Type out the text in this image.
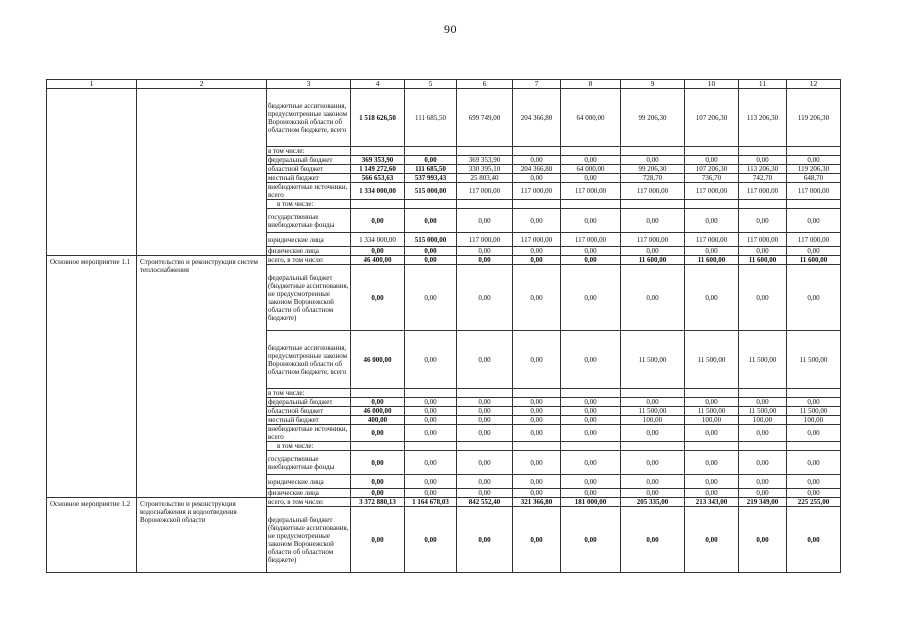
90
1	2	3	4	5	6	7	8	9	10	11	12
		бюджетные ассигнования, предусмотренные законом Воронежской области об областном бюджете, всего	1 518 626,50	111 685,50	699 749,00	204 366,80	64 000,00	99 206,30	107 206,30	113 206,30	119 206,30
		в том числе:									
		федеральный бюджет	369 353,90	0,00	369 353,90	0,00	0,00	0,00	0,00	0,00	0,00
		областной бюджет	1 149 272,60	111 685,50	330 395,10	204 366,80	64 000,00	99 206,30	107 206,30	113 206,30	119 206,30
		местный бюджет	566 653,63	537 993,43	25 803,40	0,00	0,00	728,70	736,70	742,70	648,70
		внебюджетные источники, всего	1 334 000,00	515 000,00	117 000,00	117 000,00	117 000,00	117 000,00	117 000,00	117 000,00	117 000,00
		в том числе:									
		государственные внебюджетные фонды	0,00	0,00	0,00	0,00	0,00	0,00	0,00	0,00	0,00
		юридические лица	1 334 000,00	515 000,00	117 000,00	117 000,00	117 000,00	117 000,00	117 000,00	117 000,00	117 000,00
		физические лица	0,00	0,00	0,00	0,00	0,00	0,00	0,00	0,00	0,00
Основное мероприятие 1.1	Строительство и реконструкция систем теплоснабжения	всего, в том числе:	46 400,00	0,00	0,00	0,00	0,00	11 600,00	11 600,00	11 600,00	11 600,00
		федеральный бюджет (бюджетные ассигнования, не предусмотренные законом Воронежской области об областном бюджете)	0,00	0,00	0,00	0,00	0,00	0,00	0,00	0,00	0,00
		бюджетные ассигнования, предусмотренные законом Воронежской области об областном бюджете, всего	46 000,00	0,00	0,00	0,00	0,00	11 500,00	11 500,00	11 500,00	11 500,00
		в том числе:									
		федеральный бюджет	0,00	0,00	0,00	0,00	0,00	0,00	0,00	0,00	0,00
		областной бюджет	46 000,00	0,00	0,00	0,00	0,00	11 500,00	11 500,00	11 500,00	11 500,00
		местный бюджет	400,00	0,00	0,00	0,00	0,00	100,00	100,00	100,00	100,00
		внебюджетные источники, всего	0,00	0,00	0,00	0,00	0,00	0,00	0,00	0,00	0,00
		в том числе:									
		государственные внебюджетные фонды	0,00	0,00	0,00	0,00	0,00	0,00	0,00	0,00	0,00
		юридические лица	0,00	0,00	0,00	0,00	0,00	0,00	0,00	0,00	0,00
		физические лица	0,00	0,00	0,00	0,00	0,00	0,00	0,00	0,00	0,00
Основное мероприятие 1.2	Строительство и реконструкция водоснабжения и водоотведения Воронежской области	всего, в том числе:	3 372 880,13	1 164 678,03	842 552,40	321 366,80	181 000,00	205 335,00	213 343,00	219 349,00	225 255,00
		федеральный бюджет (бюджетные ассигнования, не предусмотренные законом Воронежской области об областном бюджете)	0,00	0,00	0,00	0,00	0,00	0,00	0,00	0,00	0,00
